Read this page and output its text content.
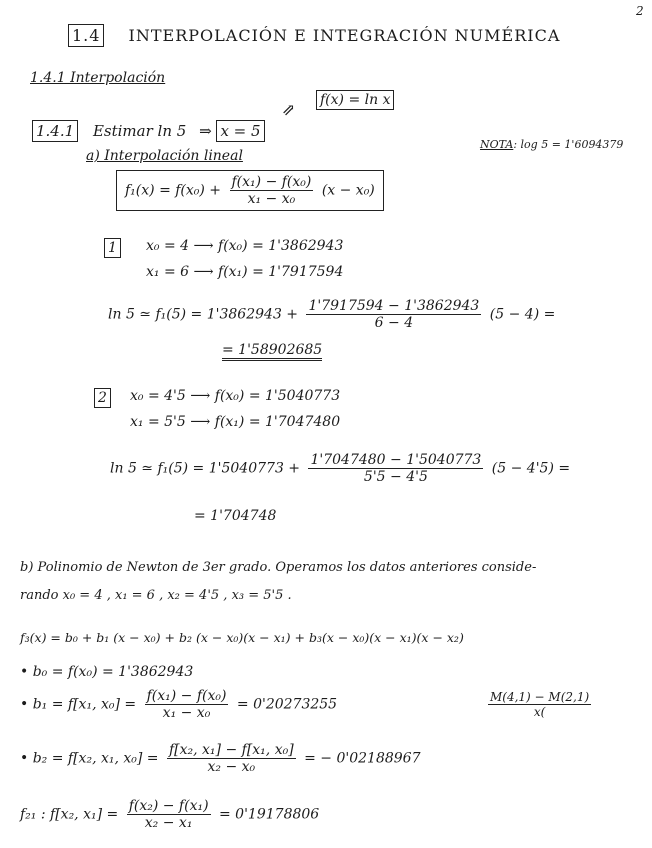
2
1.4 INTERPOLACIÓN E INTEGRACIÓN NUMÉRICA
1.4.1 Interpolación
f(x) = ln x
⇗
1.4.1 Estimar ln 5 ⇒ x = 5
NOTA: log 5 = 1'6094379
a) Interpolación lineal
$f_1(x) = f(x_0) + \frac{\text{f(x₁) − f(x₀)}}{\text{x₁ − x₀}} (x - x_0)$
1 x₀ = 4 ⟶ f(x₀) = 1'3862943
x₁ = 6 ⟶ f(x₁) = 1'7917594
ln 5 ≃ $f_1(5) = 1'3862943 + \frac{1'7917594 - 1'3862943}{6 - 4} (5 - 4)$ =
= 1'58902685
2 x₀ = 4'5 ⟶ f(x₀) = 1'5040773
x₁ = 5'5 ⟶ f(x₁) = 1'7047480
ln 5 ≃ $f_1(5) = 1'5040773 + \frac{1'7047480 - 1'5040773}{5'5 - 4'5} (5 - 4'5)$ =
= 1'704748
b) Polinomio de Newton de 3er grado. Operamos los datos anteriores conside-
rando x₀ = 4 , x₁ = 6 , x₂ = 4'5 , x₃ = 5'5 .
f₃(x) = b₀ + b₁ (x − x₀) + b₂ (x − x₀)(x − x₁) + b₃(x − x₀)(x − x₁)(x − x₂)
• b₀ = f(x₀) = 1'3862943
• b₁ = f[x₁, $x_0] = \frac{\text{f(x₁) − f(x₀)}}{\text{x₁ − x₀}} = 0'20273255$	$\frac{M(4,1) - M(2,1)}{x(}$
• b₂ = f[x₂, x₁, $x_0] = \frac{\text{f[x₂, x₁] − f[x₁, x₀]}}{\text{x₂ − x₀}}$ = − 0'02188967
f₂₁ : f[x₂, $x_1] = \frac{\text{f(x₂) − f(x₁)}}{\text{x₂ − x₁}} = 0'19178806$
